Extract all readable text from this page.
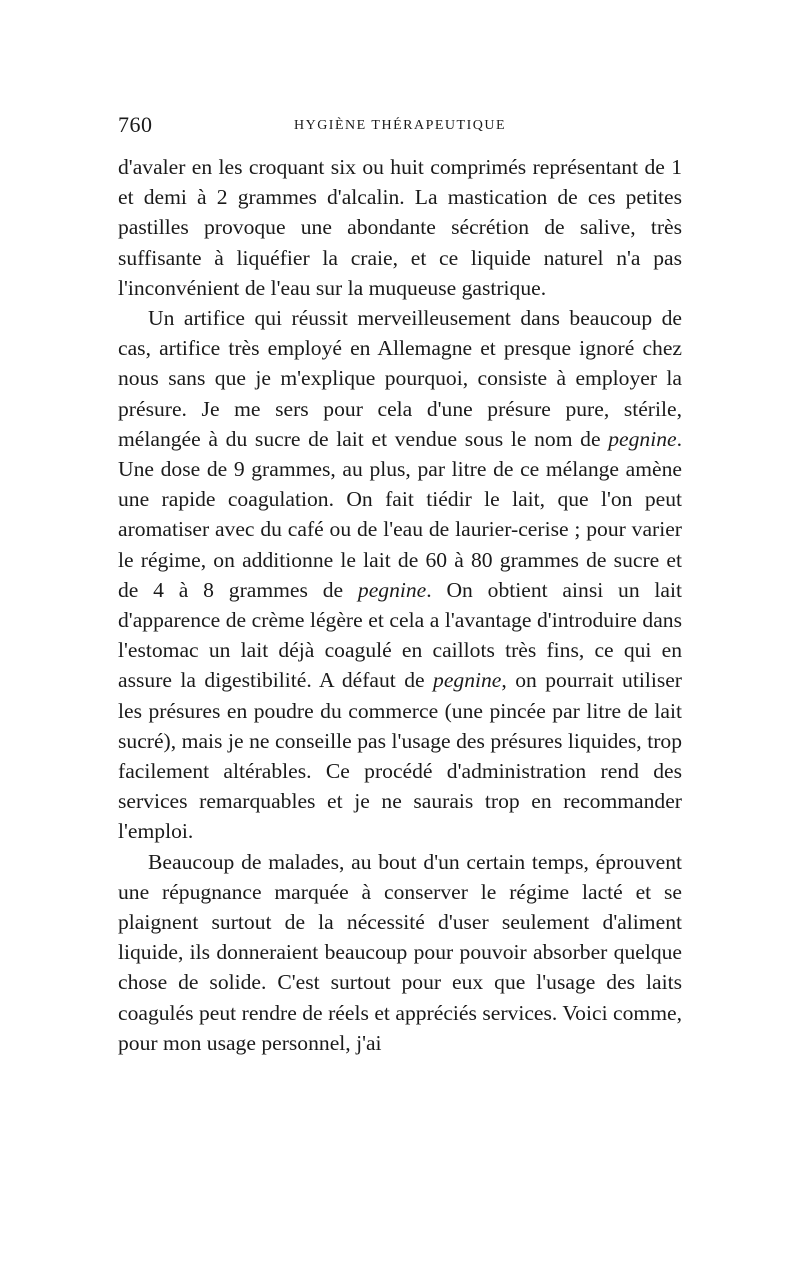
760	HYGIÈNE THÉRAPEUTIQUE

d'avaler en les croquant six ou huit comprimés représentant de 1 et demi à 2 grammes d'alcalin. La mastication de ces petites pastilles provoque une abondante sécrétion de salive, très suffisante à liquéfier la craie, et ce liquide naturel n'a pas l'inconvénient de l'eau sur la muqueuse gastrique.

Un artifice qui réussit merveilleusement dans beaucoup de cas, artifice très employé en Allemagne et presque ignoré chez nous sans que je m'explique pourquoi, consiste à employer la présure. Je me sers pour cela d'une présure pure, stérile, mélangée à du sucre de lait et vendue sous le nom de pegnine. Une dose de 9 grammes, au plus, par litre de ce mélange amène une rapide coagulation. On fait tiédir le lait, que l'on peut aromatiser avec du café ou de l'eau de laurier-cerise ; pour varier le régime, on additionne le lait de 60 à 80 grammes de sucre et de 4 à 8 grammes de pegnine. On obtient ainsi un lait d'apparence de crème légère et cela a l'avantage d'introduire dans l'estomac un lait déjà coagulé en caillots très fins, ce qui en assure la digestibilité. A défaut de pegnine, on pourrait utiliser les présures en poudre du commerce (une pincée par litre de lait sucré), mais je ne conseille pas l'usage des présures liquides, trop facilement altérables. Ce procédé d'administration rend des services remarquables et je ne saurais trop en recommander l'emploi.

Beaucoup de malades, au bout d'un certain temps, éprouvent une répugnance marquée à conserver le régime lacté et se plaignent surtout de la nécessité d'user seulement d'aliment liquide, ils donneraient beaucoup pour pouvoir absorber quelque chose de solide. C'est surtout pour eux que l'usage des laits coagulés peut rendre de réels et appréciés services. Voici comme, pour mon usage personnel, j'ai
